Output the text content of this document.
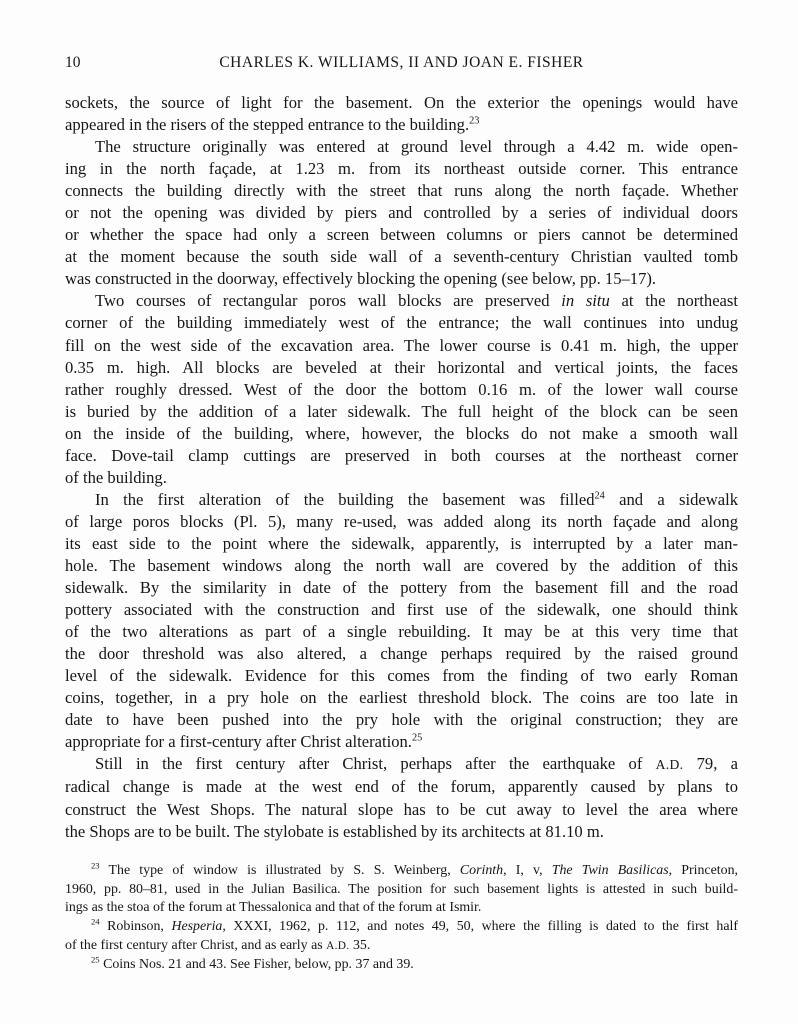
10	CHARLES K. WILLIAMS, II AND JOAN E. FISHER
sockets, the source of light for the basement. On the exterior the openings would have
appeared in the risers of the stepped entrance to the building.$^{23}$
The structure originally was entered at ground level through a 4.42 m. wide open-
ing in the north façade, at 1.23 m. from its northeast outside corner. This entrance
connects the building directly with the street that runs along the north façade. Whether
or not the opening was divided by piers and controlled by a series of individual doors
or whether the space had only a screen between columns or piers cannot be determined
at the moment because the south side wall of a seventh-century Christian vaulted tomb
was constructed in the doorway, effectively blocking the opening (see below, pp. 15–17).
Two courses of rectangular poros wall blocks are preserved in situ at the northeast
corner of the building immediately west of the entrance; the wall continues into undug
fill on the west side of the excavation area. The lower course is 0.41 m. high, the upper
0.35 m. high. All blocks are beveled at their horizontal and vertical joints, the faces
rather roughly dressed. West of the door the bottom 0.16 m. of the lower wall course
is buried by the addition of a later sidewalk. The full height of the block can be seen
on the inside of the building, where, however, the blocks do not make a smooth wall
face. Dove-tail clamp cuttings are preserved in both courses at the northeast corner
of the building.
In the first alteration of the building the basement was filled$^{24}$ and a sidewalk
of large poros blocks (Pl. 5), many re-used, was added along its north façade and along
its east side to the point where the sidewalk, apparently, is interrupted by a later man-
hole. The basement windows along the north wall are covered by the addition of this
sidewalk. By the similarity in date of the pottery from the basement fill and the road
pottery associated with the construction and first use of the sidewalk, one should think
of the two alterations as part of a single rebuilding. It may be at this very time that
the door threshold was also altered, a change perhaps required by the raised ground
level of the sidewalk. Evidence for this comes from the finding of two early Roman
coins, together, in a pry hole on the earliest threshold block. The coins are too late in
date to have been pushed into the pry hole with the original construction; they are
appropriate for a first-century after Christ alteration.$^{25}$
Still in the first century after Christ, perhaps after the earthquake of A.D. 79, a
radical change is made at the west end of the forum, apparently caused by plans to
construct the West Shops. The natural slope has to be cut away to level the area where
the Shops are to be built. The stylobate is established by its architects at 81.10 m.
$^{23}$ The type of window is illustrated by S. S. Weinberg, Corinth, I, v, The Twin Basilicas, Princeton,
1960, pp. 80–81, used in the Julian Basilica. The position for such basement lights is attested in such build-
ings as the stoa of the forum at Thessalonica and that of the forum at Ismir.
$^{24}$ Robinson, Hesperia, XXXI, 1962, p. 112, and notes 49, 50, where the filling is dated to the first half
of the first century after Christ, and as early as A.D. 35.
$^{25}$ Coins Nos. 21 and 43. See Fisher, below, pp. 37 and 39.
